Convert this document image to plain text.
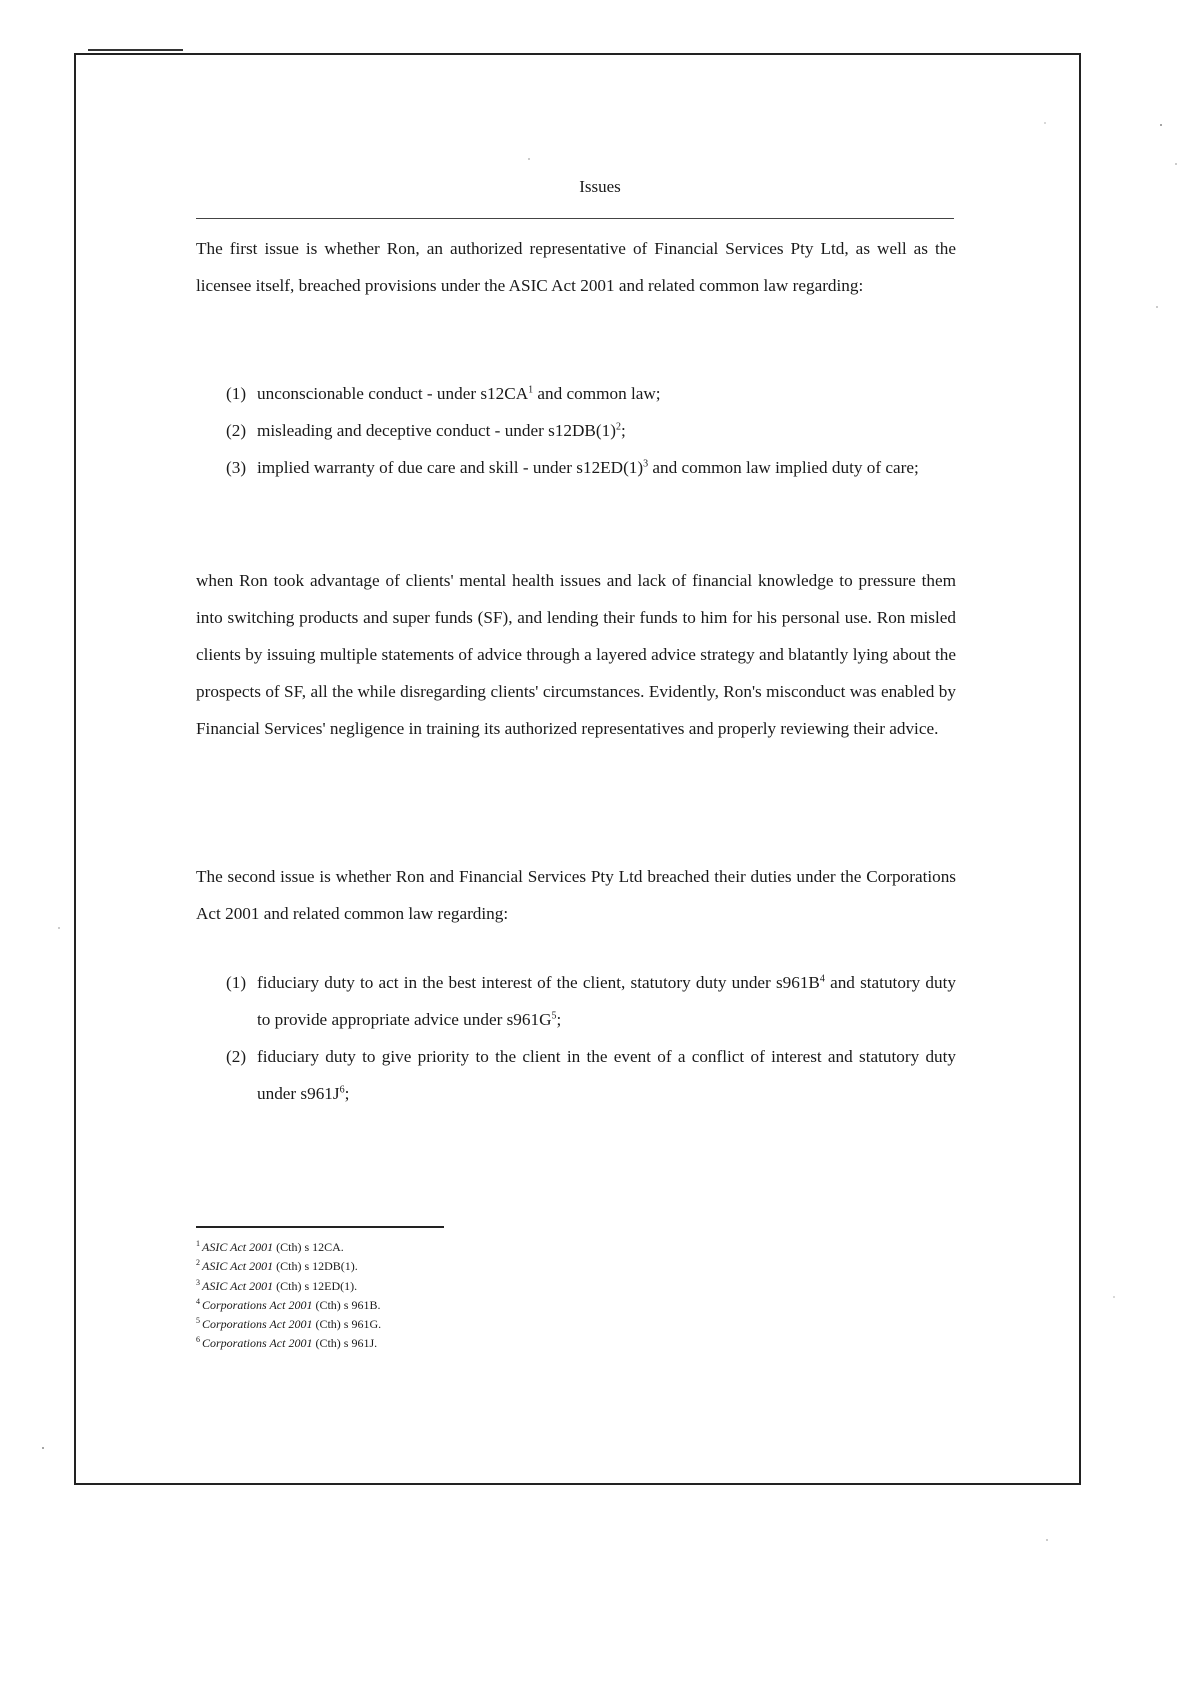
Issues

The first issue is whether Ron, an authorized representative of Financial Services Pty Ltd, as well as the licensee itself, breached provisions under the ASIC Act 2001 and related common law regarding:

(1) unconscionable conduct - under $s12CA^1$ and common law;
(2) misleading and deceptive conduct - under $s12DB(1)^2$;
(3) implied warranty of due care and skill - under $s12ED(1)^3$ and common law implied duty of care;

when Ron took advantage of clients' mental health issues and lack of financial knowledge to pressure them into switching products and super funds (SF), and lending their funds to him for his personal use. Ron misled clients by issuing multiple statements of advice through a layered advice strategy and blatantly lying about the prospects of SF, all the while disregarding clients' circumstances. Evidently, Ron's misconduct was enabled by Financial Services' negligence in training its authorized representatives and properly reviewing their advice.

The second issue is whether Ron and Financial Services Pty Ltd breached their duties under the Corporations Act 2001 and related common law regarding:

(1) fiduciary duty to act in the best interest of the client, statutory duty under $s961B^4$ and statutory duty to provide appropriate advice under $s961G^5$;
(2) fiduciary duty to give priority to the client in the event of a conflict of interest and statutory duty under $s961J^6$;
$^1$ ASIC Act 2001 (Cth) s 12CA.
$^2$ ASIC Act 2001 (Cth) s 12DB(1).
$^3$ ASIC Act 2001 (Cth) s 12ED(1).
$^4$ Corporations Act 2001 (Cth) s 961B.
$^5$ Corporations Act 2001 (Cth) s 961G.
$^6$ Corporations Act 2001 (Cth) s 961J.
